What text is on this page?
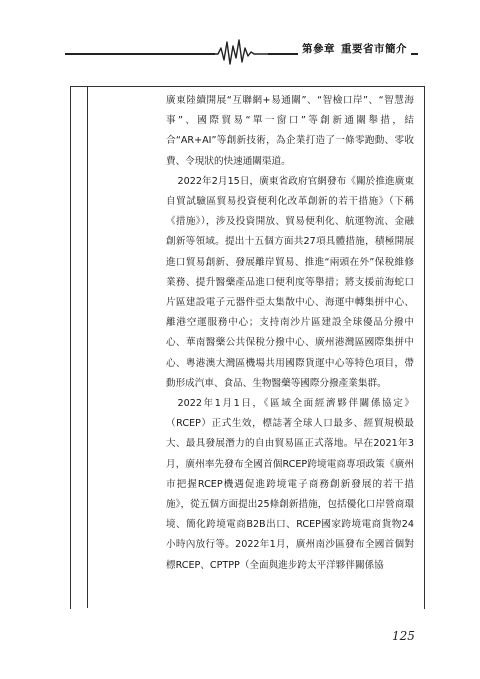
第參章 重要省市簡介

廣東陸續開展“互聯網+易通關”、“智檢口岸”、“智慧海事”、國際貿易“單一窗口”等創新通關舉措，結合“AR+AI”等創新技術，為企業打造了一條零跑動、零收費、令現狀的快速通關渠道。

2022年2月15日，廣東省政府官網發布《關於推進廣東自貿試驗區貿易投資便利化改革創新的若干措施》（下稱《措施》），涉及投資開放、貿易便利化、航運物流、金融創新等領域。提出十五個方面共27項具體措施，積極開展進口貿易創新、發展離岸貿易、推進“兩頭在外”保稅維修業務、提升醫藥產品進口便利度等舉措；將支援前海蛇口片區建設電子元器件亞太集散中心、海運中轉集拼中心、離港空運服務中心；支持南沙片區建設全球優品分撥中心、華南醫藥公共保稅分撥中心、廣州港灣區國際集拼中心、粵港澳大灣區機場共用國際貨運中心等特色項目，帶動形成汽車、食品、生物醫藥等國際分撥產業集群。

2022年1月1日，《區域全面經濟夥伴關係協定》（RCEP）正式生效，標誌著全球人口最多、經貿規模最大、最具發展潛力的自由貿易區正式落地。早在2021年3月，廣州率先發布全國首個RCEP跨境電商專項政策《廣州市把握RCEP機遇促進跨境電子商務創新發展的若干措施》，從五個方面提出25條創新措施，包括優化口岸營商環境、簡化跨境電商B2B出口、RCEP國家跨境電商貨物24小時內放行等。2022年1月，廣州南沙區發布全國首個對標RCEP、CPTPP（全面與進步跨太平洋夥伴關係協

125
